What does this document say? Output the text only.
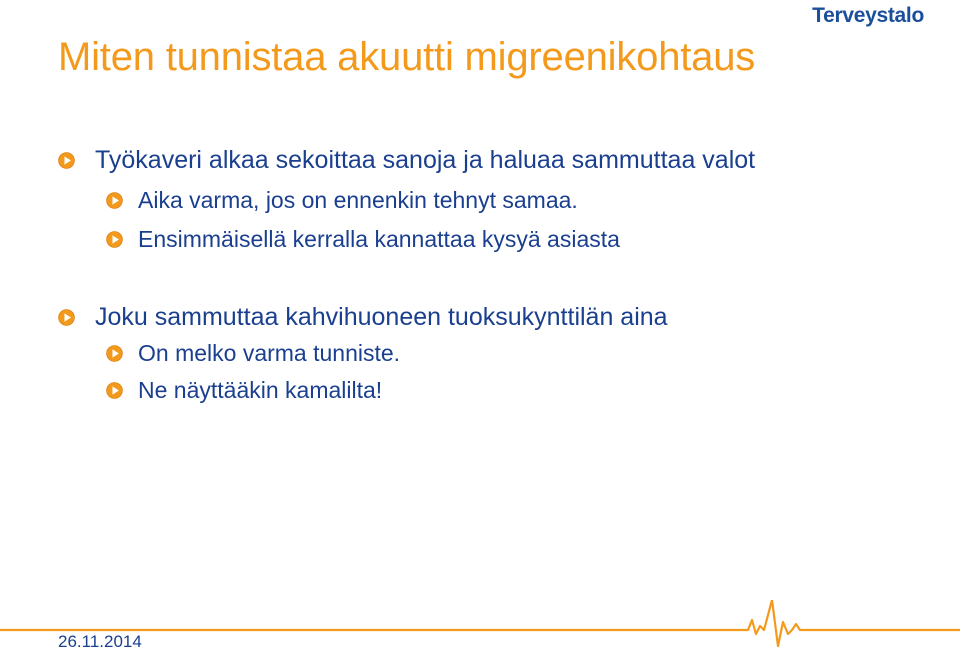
Terveystalo
Miten tunnistaa akuutti migreenikohtaus
Työkaveri alkaa sekoittaa sanoja ja haluaa sammuttaa valot
Aika varma, jos on ennenkin tehnyt samaa.
Ensimmäisellä kerralla kannattaa kysyä asiasta
Joku sammuttaa kahvihuoneen tuoksukynttilän aina
On melko varma tunniste.
Ne näyttääkin kamalilta!
26.11.2014
